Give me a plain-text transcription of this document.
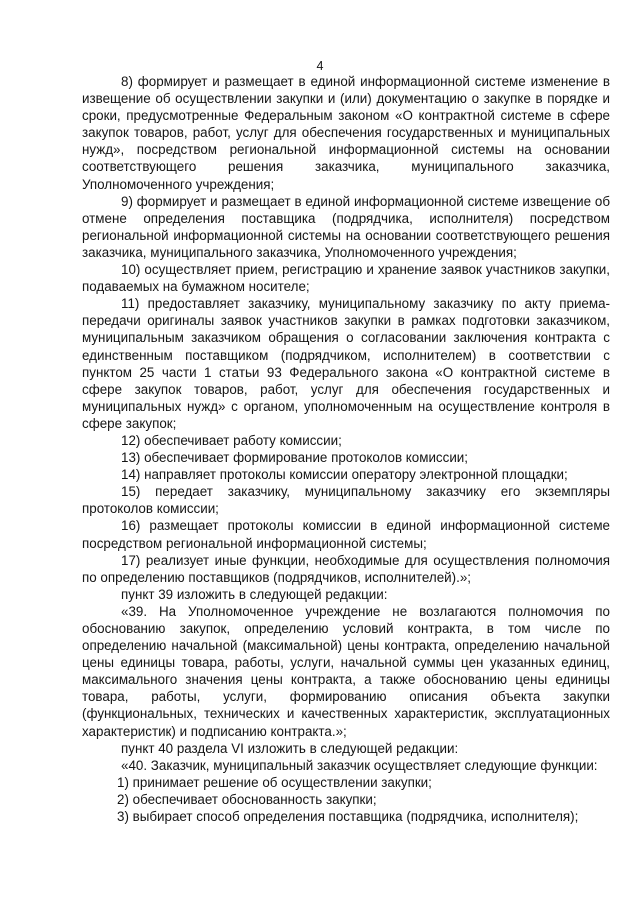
4

8) формирует и размещает в единой информационной системе изменение в извещение об осуществлении закупки и (или) документацию о закупке в порядке и сроки, предусмотренные Федеральным законом «О контрактной системе в сфере закупок товаров, работ, услуг для обеспечения государственных и муниципальных нужд», посредством региональной информационной системы на основании соответствующего решения заказчика, муниципального заказчика, Уполномоченного учреждения;

9) формирует и размещает в единой информационной системе извещение об отмене определения поставщика (подрядчика, исполнителя) посредством региональной информационной системы на основании соответствующего решения заказчика, муниципального заказчика, Уполномоченного учреждения;

10) осуществляет прием, регистрацию и хранение заявок участников закупки, подаваемых на бумажном носителе;

11) предоставляет заказчику, муниципальному заказчику по акту приема-передачи оригиналы заявок участников закупки в рамках подготовки заказчиком, муниципальным заказчиком обращения о согласовании заключения контракта с единственным поставщиком (подрядчиком, исполнителем) в соответствии с пунктом 25 части 1 статьи 93 Федерального закона «О контрактной системе в сфере закупок товаров, работ, услуг для обеспечения государственных и муниципальных нужд» с органом, уполномоченным на осуществление контроля в сфере закупок;

12) обеспечивает работу комиссии;

13) обеспечивает формирование протоколов комиссии;

14) направляет протоколы комиссии оператору электронной площадки;

15) передает заказчику, муниципальному заказчику его экземпляры протоколов комиссии;

16) размещает протоколы комиссии в единой информационной системе посредством региональной информационной системы;

17) реализует иные функции, необходимые для осуществления полномочия по определению поставщиков (подрядчиков, исполнителей).»;

пункт 39 изложить в следующей редакции:

«39. На Уполномоченное учреждение не возлагаются полномочия по обоснованию закупок, определению условий контракта, в том числе по определению начальной (максимальной) цены контракта, определению начальной цены единицы товара, работы, услуги, начальной суммы цен указанных единиц, максимального значения цены контракта, а также обоснованию цены единицы товара, работы, услуги, формированию описания объекта закупки (функциональных, технических и качественных характеристик, эксплуатационных характеристик) и подписанию контракта.»;

пункт 40 раздела VI изложить в следующей редакции:

«40. Заказчик, муниципальный заказчик осуществляет следующие функции:

1) принимает решение об осуществлении закупки;

2) обеспечивает обоснованность закупки;

3) выбирает способ определения поставщика (подрядчика, исполнителя);
